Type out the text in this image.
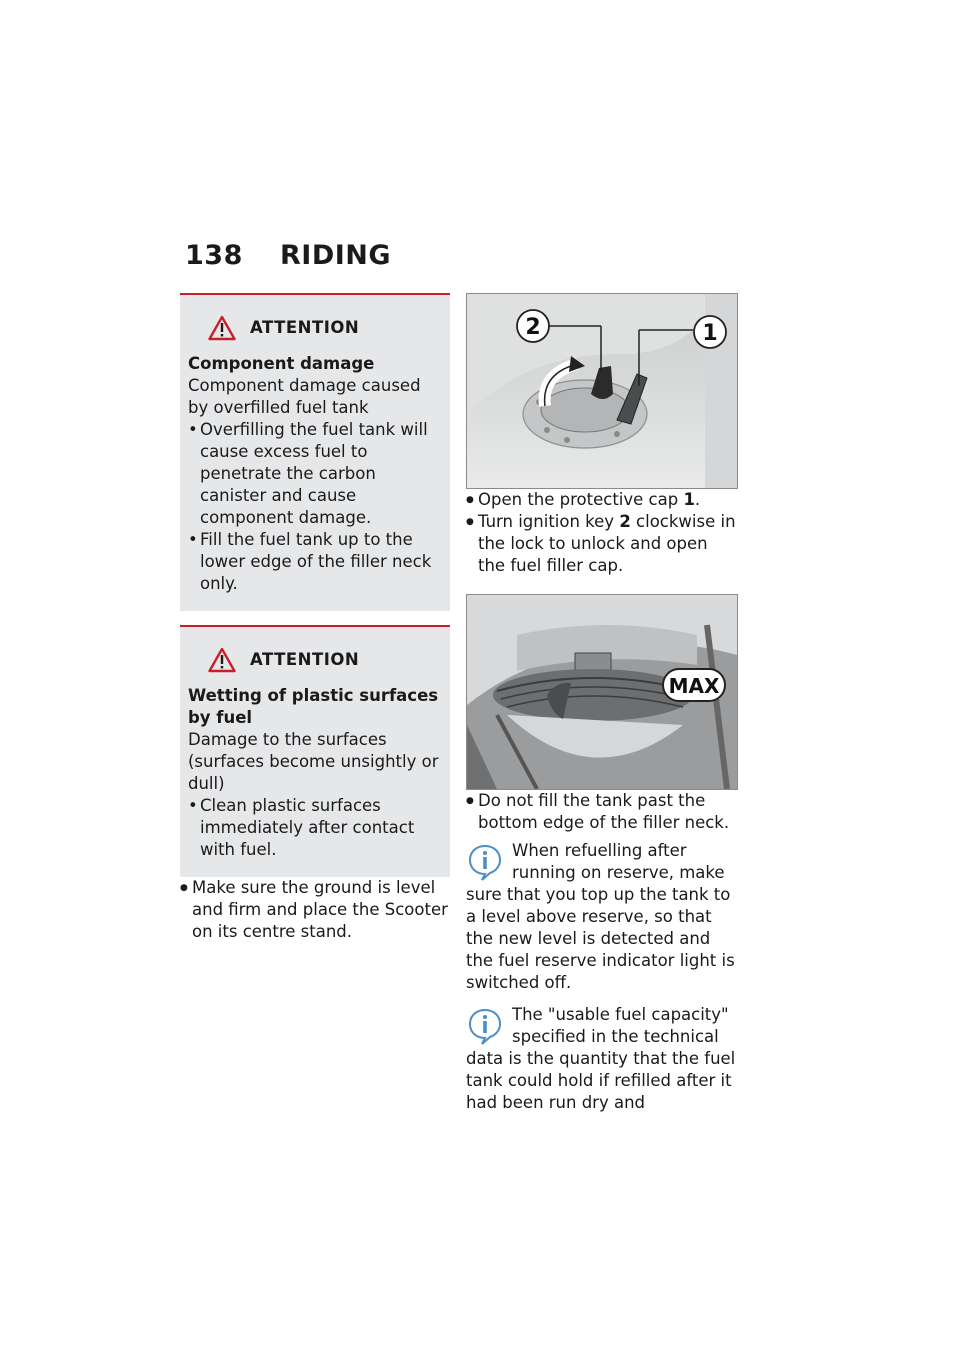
138 RIDING
ATTENTION
Component damage
Component damage caused by overfilled fuel tank
• Overfilling the fuel tank will cause excess fuel to penetrate the carbon canister and cause component damage.
• Fill the fuel tank up to the lower edge of the filler neck only.
ATTENTION
Wetting of plastic surfaces by fuel
Damage to the surfaces (surfaces become unsightly or dull)
• Clean plastic surfaces immediately after contact with fuel.
● Make sure the ground is level and firm and place the Scooter on its centre stand.
2	1
● Open the protective cap 1.
● Turn ignition key 2 clockwise in the lock to unlock and open the fuel filler cap.
MAX
● Do not fill the tank past the bottom edge of the filler neck.
When refuelling after running on reserve, make sure that you top up the tank to a level above reserve, so that the new level is detected and the fuel reserve indicator light is switched off.
The "usable fuel capacity" specified in the technical data is the quantity that the fuel tank could hold if refilled after it had been run dry and
